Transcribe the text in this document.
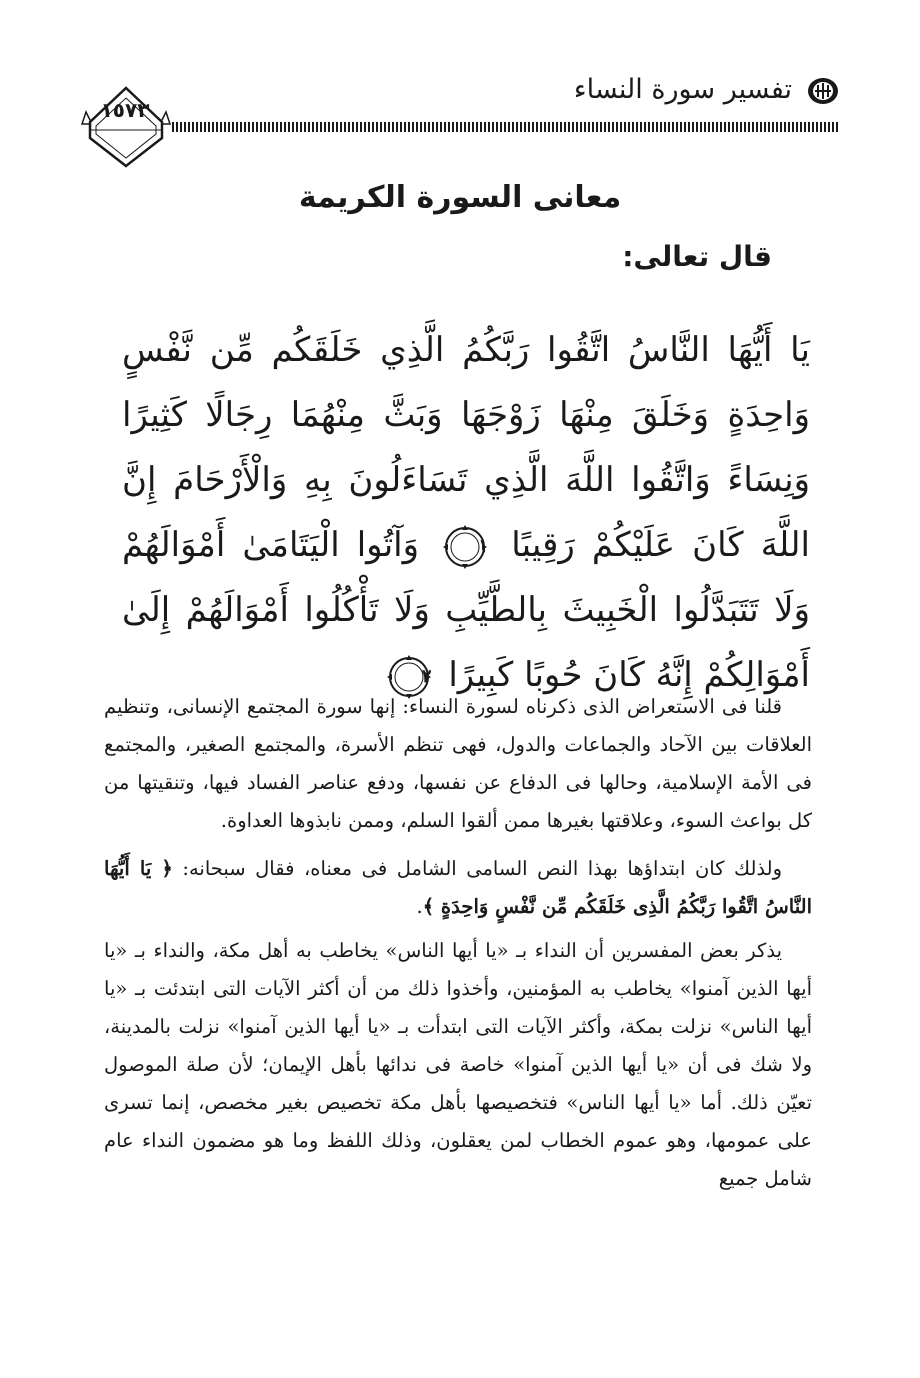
تفسير سورة النساء
١٥٧٣
معانى السورة الكريمة
قال تعالى:
يَا أَيُّهَا النَّاسُ اتَّقُوا رَبَّكُمُ الَّذِي خَلَقَكُم مِّن نَّفْسٍ وَاحِدَةٍ وَخَلَقَ مِنْهَا زَوْجَهَا وَبَثَّ مِنْهُمَا رِجَالًا كَثِيرًا وَنِسَاءً وَاتَّقُوا اللَّهَ الَّذِي تَسَاءَلُونَ بِهِ وَالْأَرْحَامَ إِنَّ اللَّهَ كَانَ عَلَيْكُمْ رَقِيبًا
١
وَآتُوا الْيَتَامَىٰ أَمْوَالَهُمْ وَلَا تَتَبَدَّلُوا الْخَبِيثَ بِالطَّيِّبِ وَلَا تَأْكُلُوا أَمْوَالَهُمْ إِلَىٰ أَمْوَالِكُمْ إِنَّهُ كَانَ حُوبًا كَبِيرًا
٢

قلنا فى الاستعراض الذى ذكرناه لسورة النساء: إنها سورة المجتمع الإنسانى، وتنظيم العلاقات بين الآحاد والجماعات والدول، فهى تنظم الأسرة، والمجتمع الصغير، والمجتمع فى الأمة الإسلامية، وحالها فى الدفاع عن نفسها، ودفع عناصر الفساد فيها، وتنقيتها من كل بواعث السوء، وعلاقتها بغيرها ممن ألقوا السلم، وممن نابذوها العداوة.

ولذلك كان ابتداؤها بهذا النص السامى الشامل فى معناه، فقال سبحانه: ﴿ يَا أَيُّهَا النَّاسُ اتَّقُوا رَبَّكُمُ الَّذِى خَلَقَكُم مِّن نَّفْسٍ وَاحِدَةٍ ﴾.

يذكر بعض المفسرين أن النداء بـ «يا أيها الناس» يخاطب به أهل مكة، والنداء بـ «يا أيها الذين آمنوا» يخاطب به المؤمنين، وأخذوا ذلك من أن أكثر الآيات التى ابتدئت بـ «يا أيها الناس» نزلت بمكة، وأكثر الآيات التى ابتدأت بـ «يا أيها الذين آمنوا» نزلت بالمدينة، ولا شك فى أن «يا أيها الذين آمنوا» خاصة فى ندائها بأهل الإيمان؛ لأن صلة الموصول تعيّن ذلك. أما «يا أيها الناس» فتخصيصها بأهل مكة تخصيص بغير مخصص، إنما تسرى على عمومها، وهو عموم الخطاب لمن يعقلون، وذلك اللفظ وما هو مضمون النداء عام شامل جميع
